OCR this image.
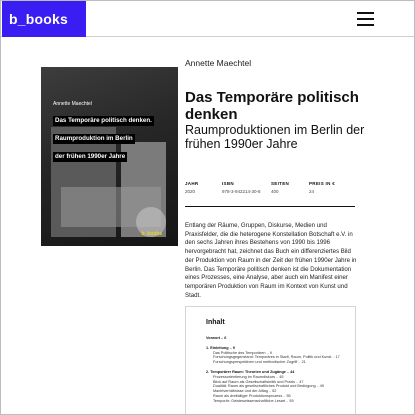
b_books
Annette Maechtel
Das Temporäre politisch denken.
Raumproduktion im Berlin
der frühen 1990er Jahre
b_books
Annette Maechtel
Das Temporäre politisch denken
Raumproduktionen im Berlin der frühen 1990er Jahre
JAHR
2020
ISBN
978-3-942214-30-8
SEITEN
400
PREIS IN €
24
Entlang der Räume, Gruppen, Diskurse, Medien und Praxisfelder, die die heterogene Konstellation Botschaft e.V. in den sechs Jahren ihres Bestehens von 1990 bis 1996 hervorgebracht hat, zeichnet das Buch ein differenziertes Bild der Produktion von Raum in der Zeit der frühen 1990er Jahre in Berlin. Das Temporäre politisch denken ist die Dokumentation eines Prozesses, eine Analyse, aber auch ein Manifest einer temporären Produktion von Raum im Kontext von Kunst und Stadt.
Inhalt
Vorwort .. 6
1. Einleitung .. 9
Das Politische des Temporären .. 9
Forschungsgegenstand: Temporäres in Stadt, Raum, Politik und Kunst .. 17
Forschungsperspektiven und methodischer Zugriff .. 21
2. Temporärer Raum: Theorien und Zugänge .. 44
Prozessorientierung im Raumdiskurs .. 45
Blick auf Raum als Gesellschaftskritik und Praxis .. 47
Dualität: Raum als gesellschaftliches Produkt und Bedingung .. 49
Machtverhältnisse und der Alltag .. 52
Raum als dreifaltiger Produktionsprozess .. 55
Temporär: Geisteswissenschaftliche Lesart .. 59
